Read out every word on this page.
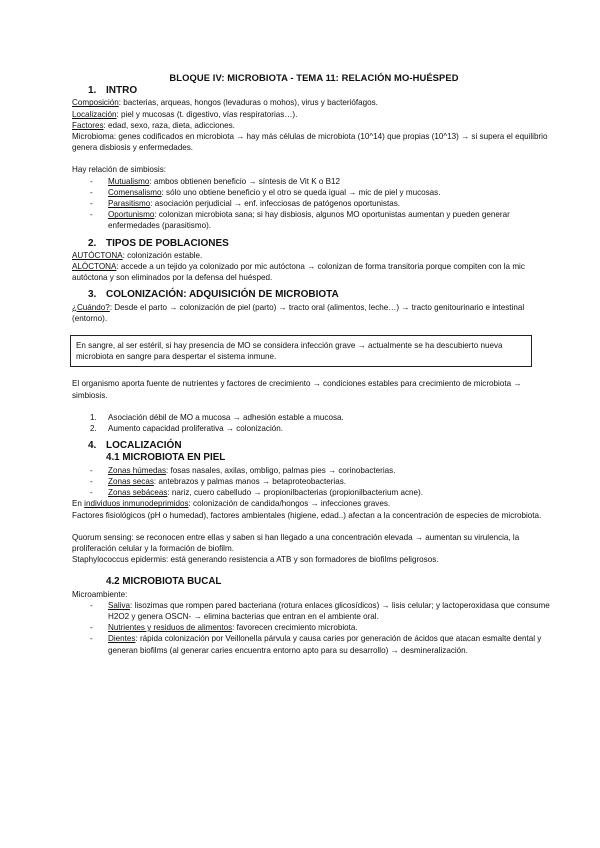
BLOQUE IV: MICROBIOTA - TEMA 11: RELACIÓN MO-HUÉSPED
1. INTRO

Composición: bacterias, arqueas, hongos (levaduras o mohos), virus y bacteriófagos.

Localización: piel y mucosas (t. digestivo, vías respiratorias…).

Factores: edad, sexo, raza, dieta, adicciones.

Microbioma: genes codificados en microbiota → hay más células de microbiota (10^14) que propias (10^13) → si supera el equilibrio genera disbiosis y enfermedades.

Hay relación de simbiosis:

- Mutualismo: ambos obtienen beneficio → síntesis de Vit K o B12
- Comensalismo: sólo uno obtiene beneficio y el otro se queda igual → mic de piel y mucosas.
- Parasitismo: asociación perjudicial → enf. infecciosas de patógenos oportunistas.
- Oportunismo: colonizan microbiota sana; si hay disbiosis, algunos MO oportunistas aumentan y pueden generar enfermedades (parasitismo).
2. TIPOS DE POBLACIONES

AUTÓCTONA: colonización estable.

ALÓCTONA: accede a un tejido ya colonizado por mic autóctona → colonizan de forma transitoria porque compiten con la mic autóctona y son eliminados por la defensa del huésped.

3. COLONIZACIÓN: ADQUISICIÓN DE MICROBIOTA

¿Cuándo?: Desde el parto → colonización de piel (parto) → tracto oral (alimentos, leche…) → tracto genitourinario e intestinal (entorno).

En sangre, al ser estéril, si hay presencia de MO se considera infección grave → actualmente se ha descubierto nueva microbiota en sangre para despertar el sistema inmune.

El organismo aporta fuente de nutrientes y factores de crecimiento → condiciones estables para crecimiento de microbiota → simbiosis.

1. Asociación débil de MO a mucosa → adhesión estable a mucosa.
2. Aumento capacidad proliferativa → colonización.
4. LOCALIZACIÓN
4.1 MICROBIOTA EN PIEL
- Zonas húmedas: fosas nasales, axilas, ombligo, palmas pies → corinobacterias.
- Zonas secas: antebrazos y palmas manos → betaproteobacterias.
- Zonas sebáceas: nariz, cuero cabelludo → propionilbacterias (propionilbacterium acne).

En individuos inmunodeprimidos: colonización de candida/hongos → infecciones graves.

Factores fisiológicos (pH o humedad), factores ambientales (higiene, edad..) afectan a la concentración de especies de microbiota.

Quorum sensing: se reconocen entre ellas y saben si han llegado a una concentración elevada → aumentan su virulencia, la proliferación celular y la formación de biofilm.

Staphylococcus epidermis: está generando resistencia a ATB y son formadores de biofilms peligrosos.

4.2 MICROBIOTA BUCAL

Microambiente:

- Saliva: lisozimas que rompen pared bacteriana (rotura enlaces glicosídicos) → lisis celular; y lactoperoxidasa que consume H2O2 y genera OSCN- → elimina bacterias que entran en el ambiente oral.
- Nutrientes y residuos de alimentos: favorecen crecimiento microbiota.
- Dientes: rápida colonización por Veillonella párvula y causa caries por generación de ácidos que atacan esmalte dental y generan biofilms (al generar caries encuentra entorno apto para su desarrollo) → desmineralización.
